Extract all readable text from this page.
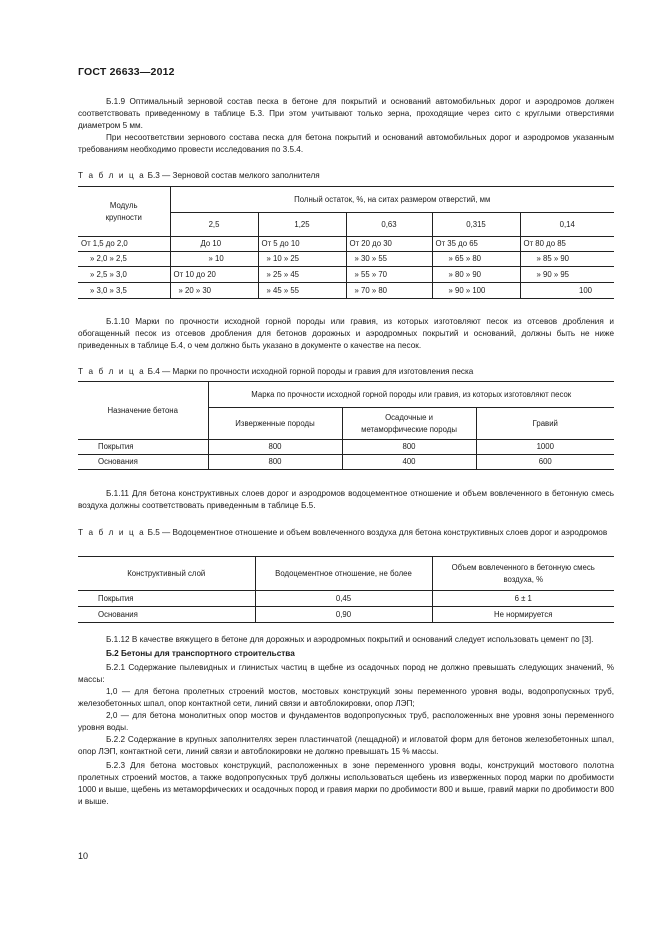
ГОСТ 26633—2012

Б.1.9 Оптимальный зерновой состав песка в бетоне для покрытий и оснований автомобильных дорог и аэродромов должен соответствовать приведенному в таблице Б.3. При этом учитывают только зерна, проходящие через сито с круглыми отверстиями диаметром 5 мм.

При несоответствии зернового состава песка для бетона покрытий и оснований автомобильных дорог и аэродромов указанным требованиям необходимо провести исследования по 3.5.4.

Т а б л и ц а Б.3 — Зерновой состав мелкого заполнителя

Модуль крупности	Полный остаток, %, на ситах размером отверстий, мм				
	2,5	1,25	0,63	0,315	0,14
От 1,5 до 2,0	До 10	От 5 до 10	От 20 до 30	От 35 до 65	От 80 до 85
» 2,0 » 2,5	» 10	» 10 » 25	» 30 » 55	» 65 » 80	» 85 » 90
» 2,5 » 3,0	От 10 до 20	» 25 » 45	» 55 » 70	» 80 » 90	» 90 » 95
» 3,0 » 3,5	» 20 » 30	» 45 » 55	» 70 » 80	» 90 » 100	100

Б.1.10 Марки по прочности исходной горной породы или гравия, из которых изготовляют песок из отсевов дробления и обогащенный песок из отсевов дробления для бетонов дорожных и аэродромных покрытий и оснований, должны быть не ниже приведенных в таблице Б.4, о чем должно быть указано в документе о качестве на песок.

Т а б л и ц а Б.4 — Марки по прочности исходной горной породы и гравия для изготовления песка

Назначение бетона	Марка по прочности исходной горной породы или гравия, из которых изготовляют песок		
	Изверженные породы	Осадочные и метаморфические породы	Гравий
Покрытия	800	800	1000
Основания	800	400	600

Б.1.11 Для бетона конструктивных слоев дорог и аэродромов водоцементное отношение и объем вовлеченного в бетонную смесь воздуха должны соответствовать приведенным в таблице Б.5.

Т а б л и ц а Б.5 — Водоцементное отношение и объем вовлеченного воздуха для бетона конструктивных слоев дорог и аэродромов

Конструктивный слой	Водоцементное отношение, не более	Объем вовлеченного в бетонную смесь воздуха, %
Покрытия	0,45	6 ± 1
Основания	0,90	Не нормируется

Б.1.12 В качестве вяжущего в бетоне для дорожных и аэродромных покрытий и оснований следует использовать цемент по [3].

Б.2 Бетоны для транспортного строительства

Б.2.1 Содержание пылевидных и глинистых частиц в щебне из осадочных пород не должно превышать следующих значений, % массы:

1,0 — для бетона пролетных строений мостов, мостовых конструкций зоны переменного уровня воды, водопропускных труб, железобетонных шпал, опор контактной сети, линий связи и автоблокировки, опор ЛЭП;

2,0 — для бетона монолитных опор мостов и фундаментов водопропускных труб, расположенных вне уровня зоны переменного уровня воды.

Б.2.2 Содержание в крупных заполнителях зерен пластинчатой (лещадной) и игловатой форм для бетонов железобетонных шпал, опор ЛЭП, контактной сети, линий связи и автоблокировки не должно превышать 15 % массы.

Б.2.3 Для бетона мостовых конструкций, расположенных в зоне переменного уровня воды, конструкций мостового полотна пролетных строений мостов, а также водопропускных труб должны использоваться щебень из изверженных пород марки по дробимости 1000 и выше, щебень из метаморфических и осадочных пород и гравия марки по дробимости 800 и выше, гравий марки по дробимости 800 и выше.

10
